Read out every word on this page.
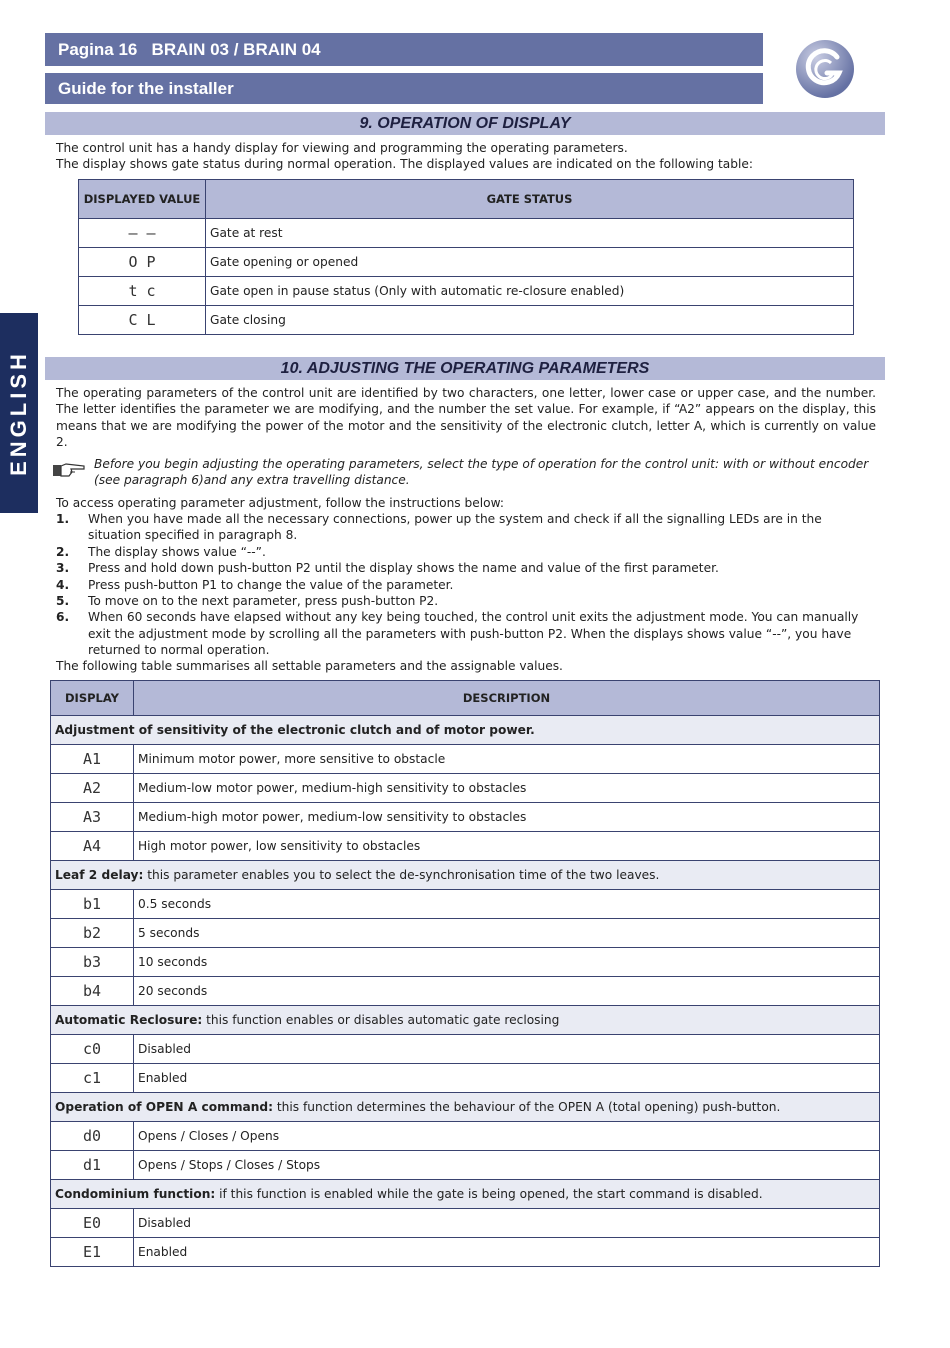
Pagina 16   BRAIN 03 / BRAIN 04
Guide for the installer
ENGLISH
9. OPERATION OF DISPLAY
The control unit has a handy display for viewing and programming the operating parameters.
The display shows gate status during normal operation. The displayed values are indicated on the following table:
DISPLAYED VALUE	GATE STATUS
– –	Gate at rest
O P	Gate opening or opened
t c	Gate open in pause status (Only with automatic re-closure enabled)
C L	Gate closing
10. ADJUSTING THE OPERATING PARAMETERS
The operating parameters of the control unit are identified by two characters, one letter, lower case or upper case, and the number. The letter identifies the parameter we are modifying, and the number the set value. For example, if “A2” appears on the display, this means that we are modifying the power of the motor and the sensitivity of the electronic clutch, letter A, which is currently on value 2.
Before you begin adjusting the operating parameters, select the type of operation for the control unit: with or without encoder (see paragraph 6)and any extra travelling distance.
To access operating parameter adjustment, follow the instructions below:
1.	When you have made all the necessary connections, power up the system and check if all the signalling LEDs are in the situation specified in paragraph 8.
2.	The display shows value “--”.
3.	Press and hold down push-button P2 until the display shows the name and value of the first parameter.
4.	Press push-button P1 to change the value of the parameter.
5.	To move on to the next parameter, press push-button P2.
6.	When 60 seconds have elapsed without any key being touched, the control unit exits the adjustment mode. You can manually exit the adjustment mode by scrolling all the parameters with push-button P2. When the displays shows value “--”, you have returned to normal operation.
The following table summarises all settable parameters and the assignable values.
DISPLAY	DESCRIPTION
Adjustment of sensitivity of the electronic clutch and of motor power.	
A1	Minimum motor power, more sensitive to obstacle
A2	Medium-low motor power, medium-high sensitivity to obstacles
A3	Medium-high motor power, medium-low sensitivity to obstacles
A4	High motor power, low sensitivity to obstacles
Leaf 2 delay: this parameter enables you to select the de-synchronisation time of the two leaves.	
b1	0.5 seconds
b2	5 seconds
b3	10 seconds
b4	20 seconds
Automatic Reclosure: this function enables or disables automatic gate reclosing	
c0	Disabled
c1	Enabled
Operation of OPEN A command: this function determines the behaviour of the OPEN A (total opening) push-button.	
d0	Opens / Closes / Opens
d1	Opens / Stops / Closes / Stops
Condominium function: if this function is enabled while the gate is being opened, the start command is disabled.	
E0	Disabled
E1	Enabled
